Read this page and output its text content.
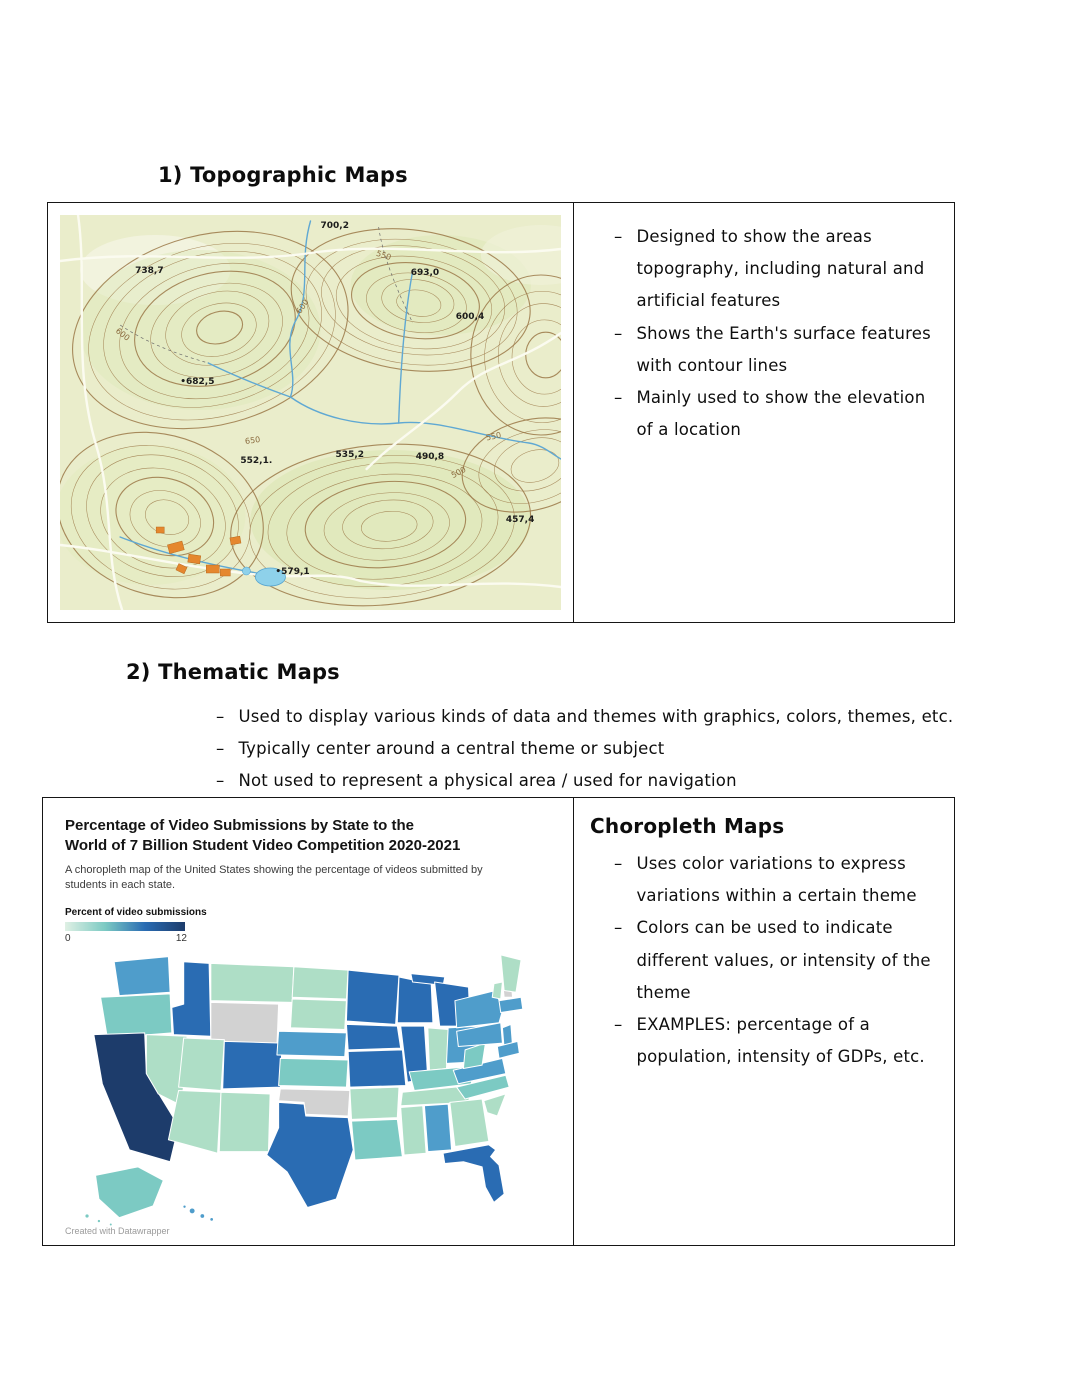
1) Topographic Maps
700,2
738,7	693,0
600,4
•682,5
552,1.
535,2	490,8
457,4
•579,1
550
600
650
500
600
550
– Designed to show the areas topography, including natural and artificial features
– Shows the Earth's surface features with contour lines
– Mainly used to show the elevation of a location
2) Thematic Maps
– Used to display various kinds of data and themes with graphics, colors, themes, etc.
– Typically center around a central theme or subject
– Not used to represent a physical area / used for navigation
Percentage of Video Submissions by State to the
World of 7 Billion Student Video Competition 2020-2021
A choropleth map of the United States showing the percentage of videos submitted by students in each state.
Percent of video submissions
0	12
Created with Datawrapper
Choropleth Maps
– Uses color variations to express variations within a certain theme
– Colors can be used to indicate different values, or intensity of the theme
– EXAMPLES: percentage of a population, intensity of GDPs, etc.
